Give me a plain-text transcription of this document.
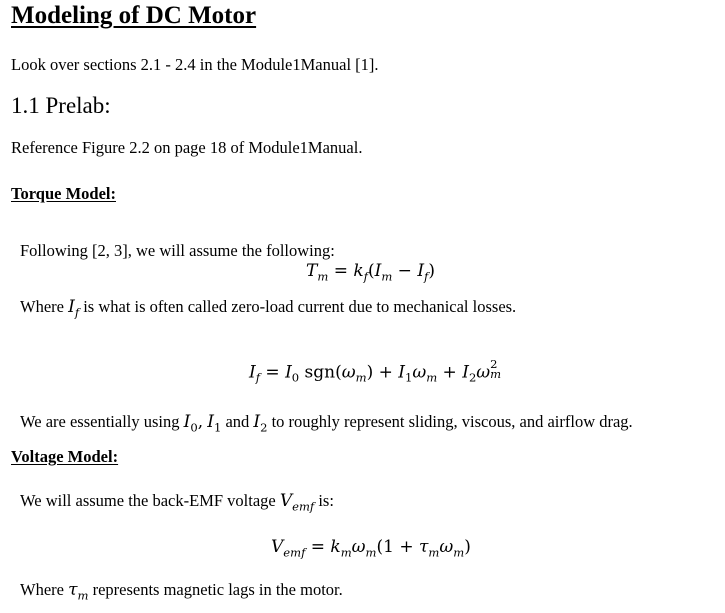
Modeling of DC Motor
Look over sections 2.1 - 2.4 in the Module1Manual [1].
1.1 Prelab:
Reference Figure 2.2 on page 18 of Module1Manual.
Torque Model:
Following [2, 3], we will assume the following:
$T_m = k_f(I_m - I_f)$
Where $I_f$ is what is often called zero-load current due to mechanical losses.
$I_f = I_0$ $sgn(\omega_m) + I_1\omega_m + I_2\omega$ 2
m
We are essentially using $I_0$, $I_1$ and $I_2$ to roughly represent sliding, viscous, and airflow drag.
Voltage Model:
We will assume the back-EMF voltage $V_{emf}$ is:
$V_{emf} = k_m\omega_m(1 + \tau_m\omega_m)$
Where $\tau_m$ represents magnetic lags in the motor.
